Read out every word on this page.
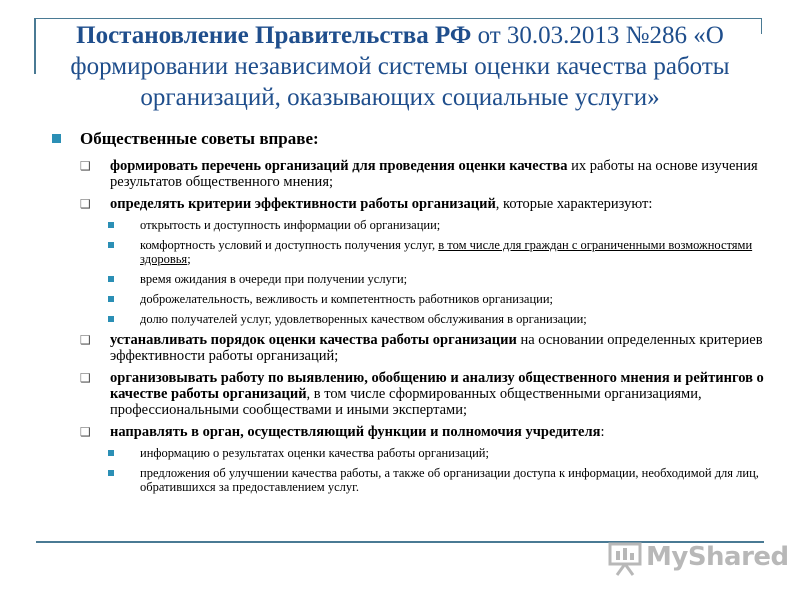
Постановление Правительства РФ от 30.03.2013 №286 «О формировании независимой системы оценки качества работы организаций, оказывающих социальные услуги»
Общественные советы вправе:
❑ формировать перечень организаций для проведения оценки качества их работы на основе изучения результатов общественного мнения;
❑ определять критерии эффективности работы организаций, которые характеризуют:
открытость и доступность информации об организации;
комфортность условий и доступность получения услуг, в том числе для граждан с ограниченными возможностями здоровья;
время ожидания в очереди при получении услуги;
доброжелательность, вежливость и компетентность работников организации;
долю получателей услуг, удовлетворенных качеством обслуживания в организации;
❑ устанавливать порядок оценки качества работы организации на основании определенных критериев эффективности работы организаций;
❑ организовывать работу по выявлению, обобщению и анализу общественного мнения и рейтингов о качестве работы организаций, в том числе сформированных общественными организациями, профессиональными сообществами и иными экспертами;
❑ направлять в орган, осуществляющий функции и полномочия учредителя:
информацию о результатах оценки качества работы организаций;
предложения об улучшении качества работы, а также об организации доступа к информации, необходимой для лиц, обратившихся за предоставлением услуг.
MyShared
